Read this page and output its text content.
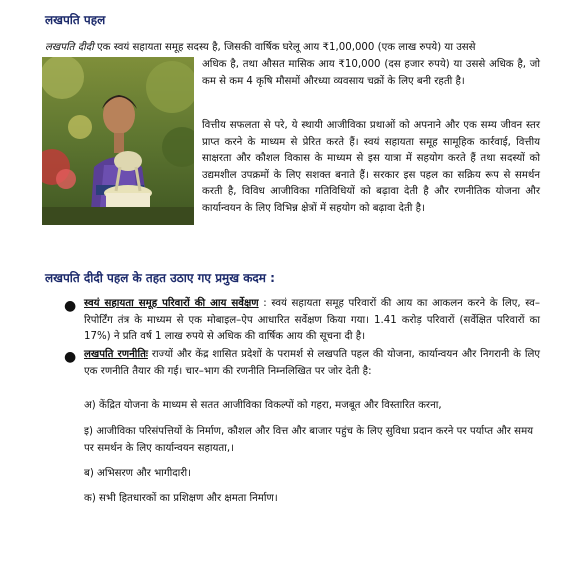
लखपति पहल
लखपति दीदी एक स्वयं सहायता समूह सदस्य है, जिसकी वार्षिक घरेलू आय ₹1,00,000 (एक लाख रुपये) या उससे
अधिक है, तथा औसत मासिक आय ₹10,000 (दस हजार रुपये) या उससे अधिक है, जो कम से कम 4 कृषि मौसमों औरध्या व्यवसाय चक्रों के लिए बनी रहती है।
वित्तीय सफलता से परे, ये स्थायी आजीविका प्रथाओं को अपनाने और एक सम्य जीवन स्तर प्राप्त करने के माध्यम से प्रेरित करते हैं। स्वयं सहायता समूह सामूहिक कार्रवाई, वित्तीय साक्षरता और कौशल विकास के माध्यम से इस यात्रा में सहयोग करते हैं तथा सदस्यों को उद्यमशील उपक्रमों के लिए सशक्त बनाते हैं। सरकार इस पहल का सक्रिय रूप से समर्थन करती है, विविध आजीविका गतिविधियों को बढ़ावा देती है और रणनीतिक योजना और कार्यान्वयन के लिए विभिन्न क्षेत्रों में सहयोग को बढ़ावा देती है।
लखपति दीदी पहल के तहत उठाए गए प्रमुख कदम :
● स्वयं सहायता समूह परिवारों की आय सर्वेक्षण : स्वयं सहायता समूह परिवारों की आय का आकलन करने के लिए, स्व–रिपोर्टिंग तंत्र के माध्यम से एक मोबाइल–ऐप आधारित सर्वेक्षण किया गया। 1.41 करोड़ परिवारों (सर्वेक्षित परिवारों का 17%) ने प्रति वर्ष 1 लाख रुपये से अधिक की वार्षिक आय की सूचना दी है।
● लखपति रणनीतिः राज्यों और केंद्र शासित प्रदेशों के परामर्श से लखपति पहल की योजना, कार्यान्वयन और निगरानी के लिए एक रणनीति तैयार की गई। चार–भाग की रणनीति निम्नलिखित पर जोर देती है:
अ) केंद्रित योजना के माध्यम से सतत आजीविका विकल्पों को गहरा, मजबूत और विस्तारित करना,
इ) आजीविका परिसंपत्तियों के निर्माण, कौशल और वित्त और बाजार पहुंच के लिए सुविधा प्रदान करने पर पर्याप्त और समय पर समर्थन के लिए कार्यान्वयन सहायता,।
ब) अभिसरण और भागीदारी।
क) सभी हितधारकों का प्रशिक्षण और क्षमता निर्माण।
